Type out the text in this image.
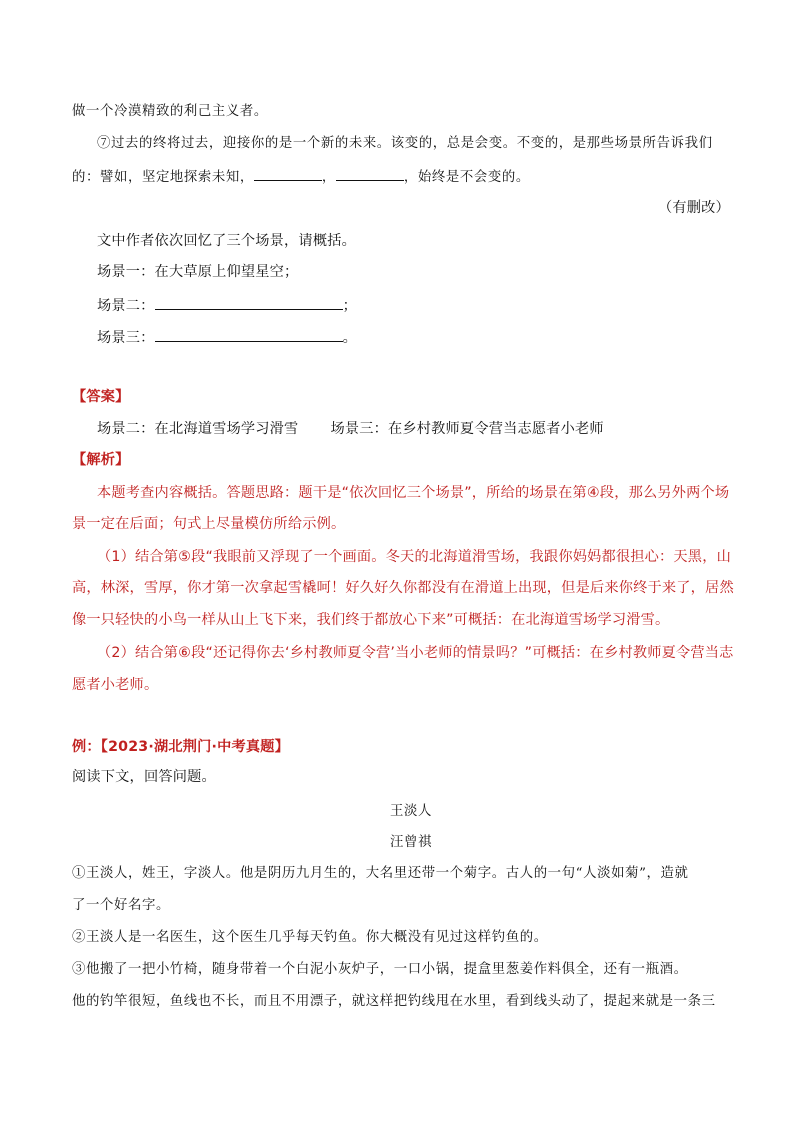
做一个冷漠精致的利己主义者。
⑦过去的终将过去，迎接你的是一个新的未来。该变的，总是会变。不变的，是那些场景所告诉我们
的：譬如，坚定地探索未知，	，	，始终是不会变的。
（有删改）
文中作者依次回忆了三个场景，请概括。
场景一：在大草原上仰望星空；
场景二：	；
场景三：	。
【答案】
场景二：在北海道雪场学习滑雪 场景三：在乡村教师夏令营当志愿者小老师
【解析】
本题考查内容概括。答题思路：题干是“依次回忆三个场景”，所给的场景在第④段，那么另外两个场
景一定在后面；句式上尽量模仿所给示例。
（1）结合第⑤段“我眼前又浮现了一个画面。冬天的北海道滑雪场，我跟你妈妈都很担心：天黑，山
高，林深，雪厚，你才第一次拿起雪橇呵！好久好久你都没有在滑道上出现，但是后来你终于来了，居然
像一只轻快的小鸟一样从山上飞下来，我们终于都放心下来”可概括：在北海道雪场学习滑雪。
（2）结合第⑥段“还记得你去‘乡村教师夏令营’当小老师的情景吗？”可概括：在乡村教师夏令营当志
愿者小老师。
例：【2023·湖北荆门·中考真题】
阅读下文，回答问题。
王淡人
汪曾祺
①王淡人，姓王，字淡人。他是阴历九月生的，大名里还带一个菊字。古人的一句“人淡如菊”，造就
了一个好名字。
②王淡人是一名医生，这个医生几乎每天钓鱼。你大概没有见过这样钓鱼的。
③他搬了一把小竹椅，随身带着一个白泥小灰炉子，一口小锅，提盒里葱姜作料俱全，还有一瓶酒。
他的钓竿很短，鱼线也不长，而且不用漂子，就这样把钓线甩在水里，看到线头动了，提起来就是一条三
